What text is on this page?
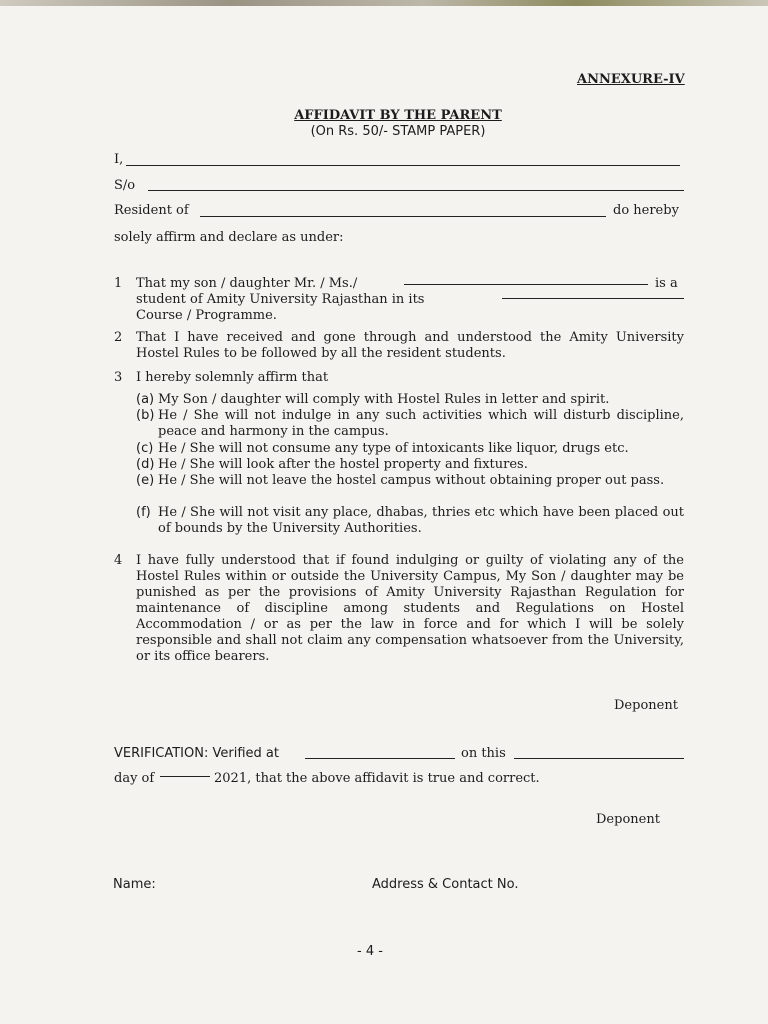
ANNEXURE-IV
AFFIDAVIT BY THE PARENT
(On Rs. 50/- STAMP PAPER)
I,
S/o
Resident of	do hereby
solely affirm and declare as under:
1 That my son / daughter Mr. / Ms./	is a
student of Amity University Rajasthan in its
Course / Programme.
2 That I have received and gone through and understood the Amity University Hostel Rules to be followed by all the resident students.
3 I hereby solemnly affirm that
(a) My Son / daughter will comply with Hostel Rules in letter and spirit.
(b) He / She will not indulge in any such activities which will disturb discipline, peace and harmony in the campus.
(c) He / She will not consume any type of intoxicants like liquor, drugs etc.
(d) He / She will look after the hostel property and fixtures.
(e) He / She will not leave the hostel campus without obtaining proper out pass.
(f) He / She will not visit any place, dhabas, thries etc which have been placed out of bounds by the University Authorities.
4 I have fully understood that if found indulging or guilty of violating any of the Hostel Rules within or outside the University Campus, My Son / daughter may be punished as per the provisions of Amity University Rajasthan Regulation for maintenance of discipline among students and Regulations on Hostel Accommodation / or as per the law in force and for which I will be solely responsible and shall not claim any compensation whatsoever from the University, or its office bearers.
Deponent
VERIFICATION: Verified at	on this
day of	2021, that the above affidavit is true and correct.
Deponent
Name:	Address & Contact No.
- 4 -
